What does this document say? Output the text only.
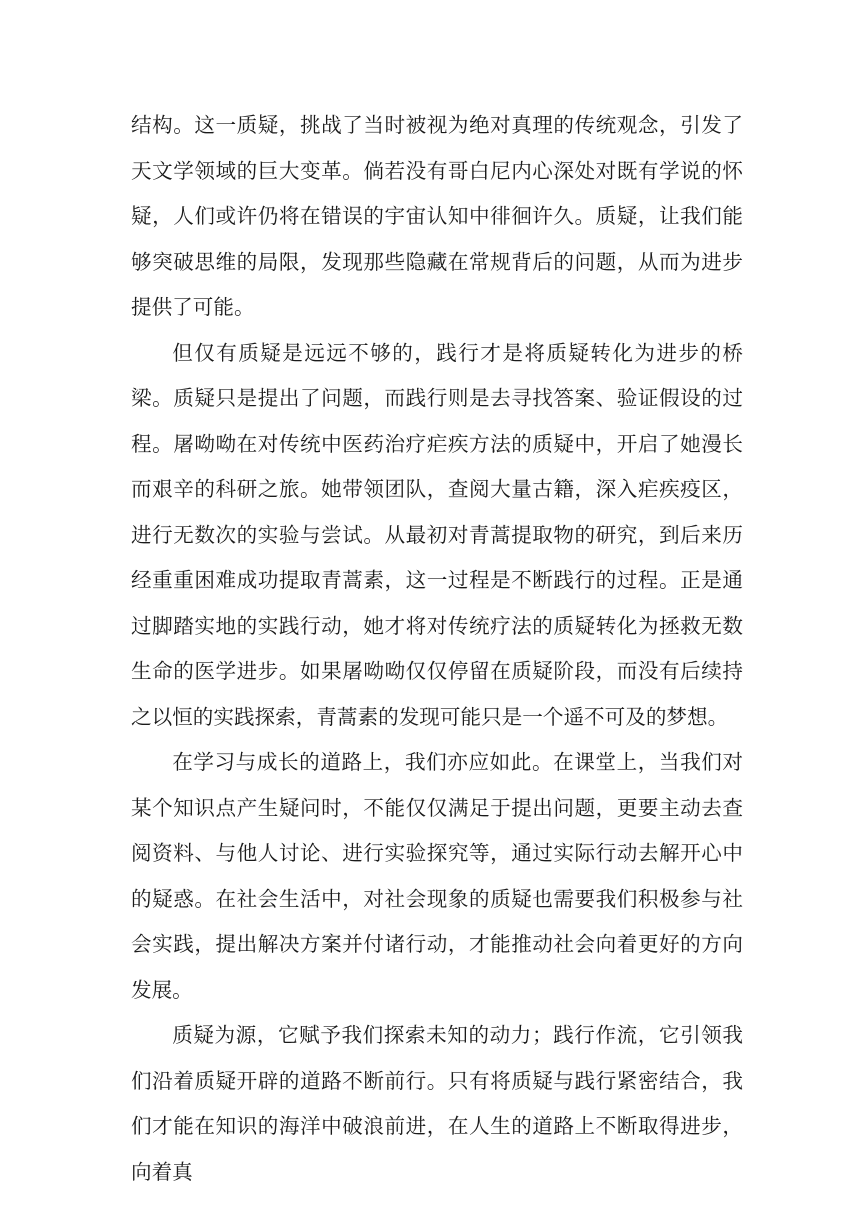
结构。这一质疑，挑战了当时被视为绝对真理的传统观念，引发了天文学领域的巨大变革。倘若没有哥白尼内心深处对既有学说的怀疑，人们或许仍将在错误的宇宙认知中徘徊许久。质疑，让我们能够突破思维的局限，发现那些隐藏在常规背后的问题，从而为进步提供了可能。

但仅有质疑是远远不够的，践行才是将质疑转化为进步的桥梁。质疑只是提出了问题，而践行则是去寻找答案、验证假设的过程。屠呦呦在对传统中医药治疗疟疾方法的质疑中，开启了她漫长而艰辛的科研之旅。她带领团队，查阅大量古籍，深入疟疾疫区，进行无数次的实验与尝试。从最初对青蒿提取物的研究，到后来历经重重困难成功提取青蒿素，这一过程是不断践行的过程。正是通过脚踏实地的实践行动，她才将对传统疗法的质疑转化为拯救无数生命的医学进步。如果屠呦呦仅仅停留在质疑阶段，而没有后续持之以恒的实践探索，青蒿素的发现可能只是一个遥不可及的梦想。

在学习与成长的道路上，我们亦应如此。在课堂上，当我们对某个知识点产生疑问时，不能仅仅满足于提出问题，更要主动去查阅资料、与他人讨论、进行实验探究等，通过实际行动去解开心中的疑惑。在社会生活中，对社会现象的质疑也需要我们积极参与社会实践，提出解决方案并付诸行动，才能推动社会向着更好的方向发展。

质疑为源，它赋予我们探索未知的动力；践行作流，它引领我们沿着质疑开辟的道路不断前行。只有将质疑与践行紧密结合，我们才能在知识的海洋中破浪前进，在人生的道路上不断取得进步，向着真
